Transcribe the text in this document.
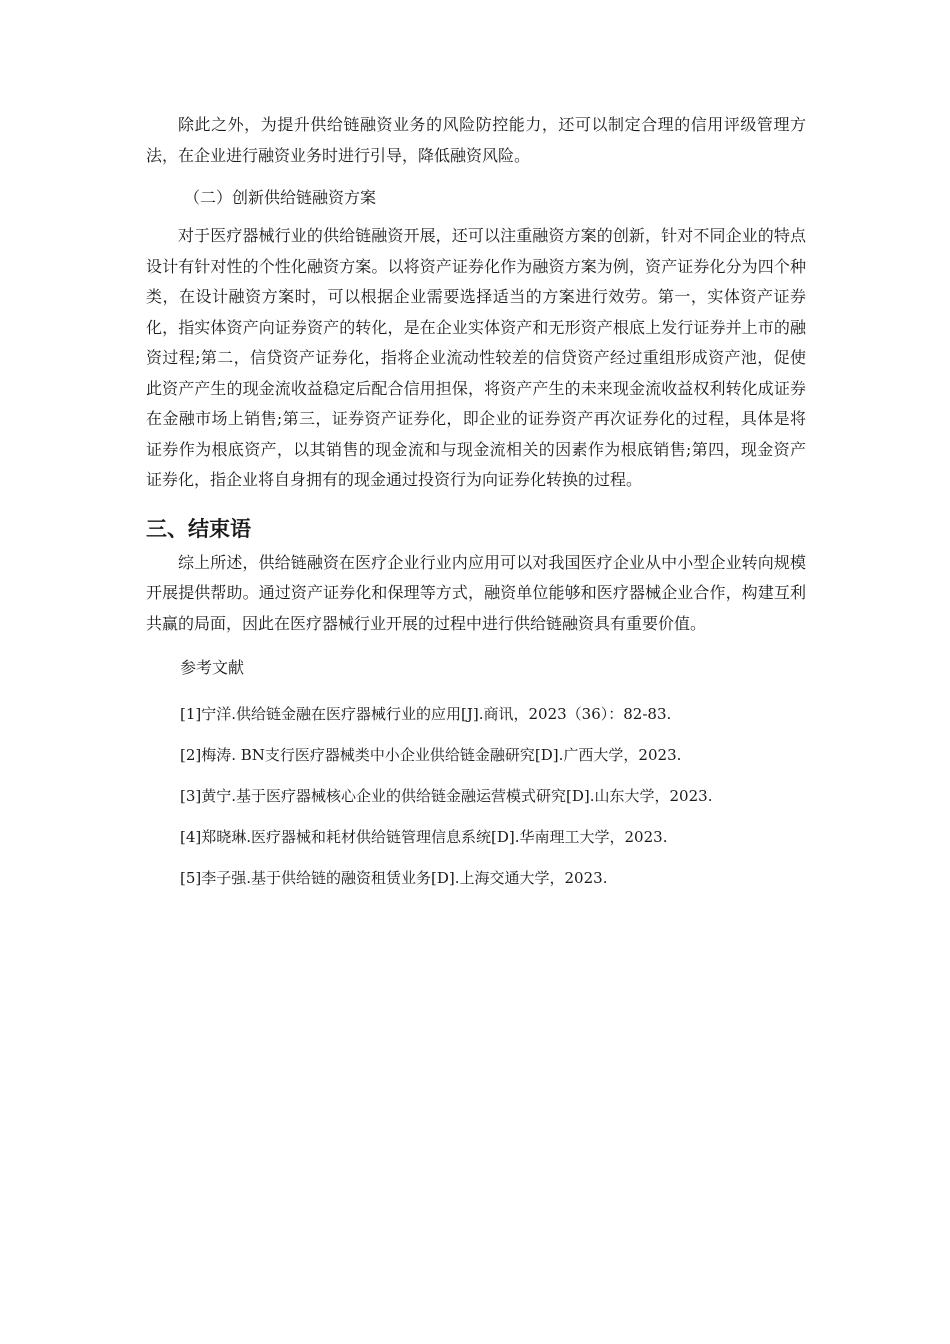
除此之外，为提升供给链融资业务的风险防控能力，还可以制定合理的信用评级管理方法，在企业进行融资业务时进行引导，降低融资风险。

（二）创新供给链融资方案

对于医疗器械行业的供给链融资开展，还可以注重融资方案的创新，针对不同企业的特点设计有针对性的个性化融资方案。以将资产证券化作为融资方案为例，资产证券化分为四个种类，在设计融资方案时，可以根据企业需要选择适当的方案进行效劳。第一，实体资产证券化，指实体资产向证券资产的转化，是在企业实体资产和无形资产根底上发行证券并上市的融资过程;第二，信贷资产证券化，指将企业流动性较差的信贷资产经过重组形成资产池，促使此资产产生的现金流收益稳定后配合信用担保，将资产产生的未来现金流收益权利转化成证券在金融市场上销售;第三，证券资产证券化，即企业的证券资产再次证券化的过程，具体是将证券作为根底资产，以其销售的现金流和与现金流相关的因素作为根底销售;第四，现金资产证券化，指企业将自身拥有的现金通过投资行为向证券化转换的过程。

三、结束语

综上所述，供给链融资在医疗企业行业内应用可以对我国医疗企业从中小型企业转向规模开展提供帮助。通过资产证券化和保理等方式，融资单位能够和医疗器械企业合作，构建互利共赢的局面，因此在医疗器械行业开展的过程中进行供给链融资具有重要价值。

参考文献
[1]宁洋.供给链金融在医疗器械行业的应用[J].商讯，2023（36）：82-83.
[2]梅涛. BN支行医疗器械类中小企业供给链金融研究[D].广西大学，2023.
[3]黄宁.基于医疗器械核心企业的供给链金融运营模式研究[D].山东大学，2023.
[4]郑晓琳.医疗器械和耗材供给链管理信息系统[D].华南理工大学，2023.
[5]李子强.基于供给链的融资租赁业务[D].上海交通大学，2023.
